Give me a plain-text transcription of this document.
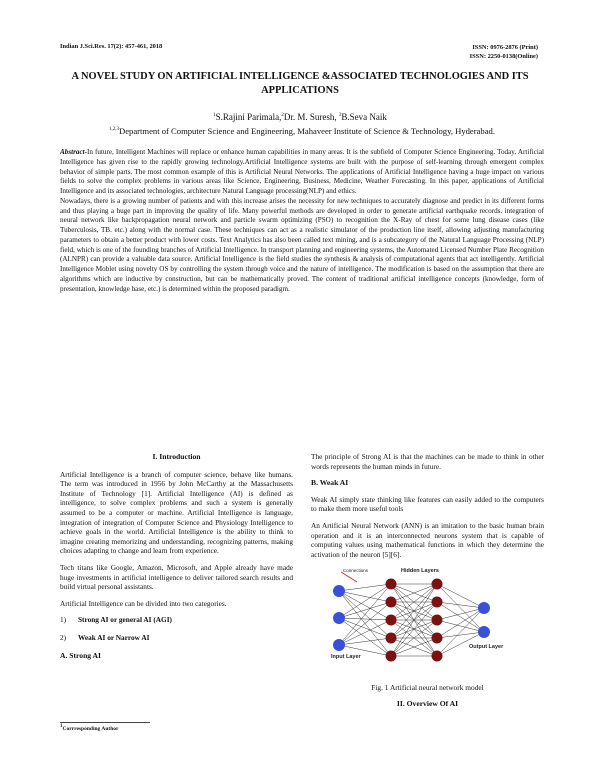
Indian J.Sci.Res. 17(2): 457-461, 2018	ISSN: 0976-2876 (Print)
ISSN: 2250-0138(Online)
A NOVEL STUDY ON ARTIFICIAL INTELLIGENCE &ASSOCIATED TECHNOLOGIES AND ITS APPLICATIONS
$^1$S.Rajini Parimala,$^2$Dr. M. Suresh, $^3$B.Seva Naik
$^{1,2,3}$Department of Computer Science and Engineering, Mahaveer Institute of Science & Technology, Hyderabad.

Abstract-In future, Intelligent Machines will replace or enhance human capabilities in many areas. It is the subfield of Computer Science Engineering. Today, Artificial Intelligence has given rise to the rapidly growing technology.Artificial Intelligence systems are built with the purpose of self-learning through emergent complex behavior of simple parts. The most common example of this is Artificial Neural Networks. The applications of Artificial Intelligence having a huge impact on various fields to solve the complex problems in various areas like Science, Engineering, Business, Medicine, Weather Forecasting. In this paper, applications of Artificial Intelligence and its associated technologies, architecture Natural Language processing(NLP) and ethics.

Nowadays, there is a growing number of patients and with this increase arises the necessity for new techniques to accurately diagnose and predict in its different forms and thus playing a huge part in improving the quality of life. Many powerful methods are developed in order to generate artificial earthquake records. integration of neural network like backpropagation neural network and particle swarm optimizing (PSO) to recognition the X-Ray of chest for some lung disease cases (like Tuberculosis, TB. etc.) along with the normal case. These techniques can act as a realistic simulator of the production line itself, allowing adjusting manufacturing parameters to obtain a better product with lower costs. Text Analytics has also been called text mining, and is a subcategory of the Natural Language Processing (NLP) field, which is one of the founding branches of Artificial Intelligence. In transport planning and engineering systems, the Automated Licensed Number Plate Recognition (ALNPR) can provide a valuable data source. Artificial Intelligence is the field studies the synthesis & analysis of computational agents that act intelligently. Artificial Intelligence Moblet using novelty OS by controlling the system through voice and the nature of intelligence. The modification is based on the assumption that there are algorithms which are inductive by construction, but can be mathematically proved. The content of traditional artificial intelligence concepts (knowledge, form of presentation, knowledge base, etc.) is determined within the proposed paradigm.

I. Introduction

Artificial Intelligence is a branch of computer science, behave like humans. The term was introduced in 1956 by John McCarthy at the Massachusetts Institute of Technology [1]. Artificial Intelligence (AI) is defined as intelligence, to solve complex problems and such a system is generally assumed to be a computer or machine. Artificial Intelligence is language, integration of integration of Computer Science and Physiology Intelligence to achieve goals in the world. Artificial Intelligence is the ability to think to imagine creating memorizing and understanding, recognizing patterns, making choices adapting to change and learn from experience.

Tech titans like Google, Amazon, Microsoft, and Apple already have made huge investments in artificial intelligence to deliver tailored search results and build virtual personal assistants.

Artificial Intelligence can be divided into two categories.

1) Strong AI or general AI (AGI)
2) Weak AI or Narrow AI
A. Strong AI

The principle of Strong AI is that the machines can be made to think in other words represents the human minds in future.

B. Weak AI

Weak AI simply state thinking like features can easily added to the computers to make them more useful tools

An Artificial Neural Network (ANN) is an imitation to the basic human brain operation and it is an interconnected neurons system that is capable of computing values using mathematical functions in which they determine the activation of the neuron [5][6].

Connections	Hidden Layers
Input Layer
Output Layer
Fig. 1 Artificial neural network model
II. Overview Of AI
$^1$Corrresponding Author
